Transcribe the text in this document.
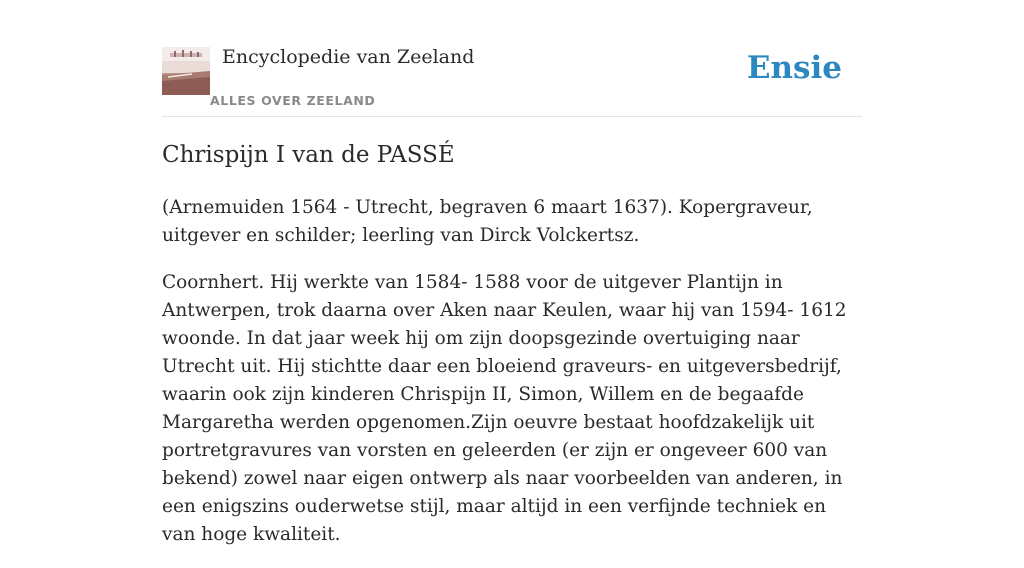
Encyclopedie van Zeeland
ALLES OVER ZEELAND
Ensie
Chrispijn I van de PASSÉ

(Arnemuiden 1564 - Utrecht, begraven 6 maart 1637). Kopergraveur, uitgever en schilder; leerling van Dirck Volckertsz.

Coornhert. Hij werkte van 1584- 1588 voor de uitgever Plantijn in Antwerpen, trok daarna over Aken naar Keulen, waar hij van 1594- 1612 woonde. In dat jaar week hij om zijn doopsgezinde overtuiging naar Utrecht uit. Hij stichtte daar een bloeiend graveurs- en uitgeversbedrijf, waarin ook zijn kinderen Chrispijn II, Simon, Willem en de begaafde Margaretha werden opgenomen.Zijn oeuvre bestaat hoofdzakelijk uit portretgravures van vorsten en geleerden (er zijn er ongeveer 600 van bekend) zowel naar eigen ontwerp als naar voorbeelden van anderen, in een enigszins ouderwetse stijl, maar altijd in een verfijnde techniek en van hoge kwaliteit.
